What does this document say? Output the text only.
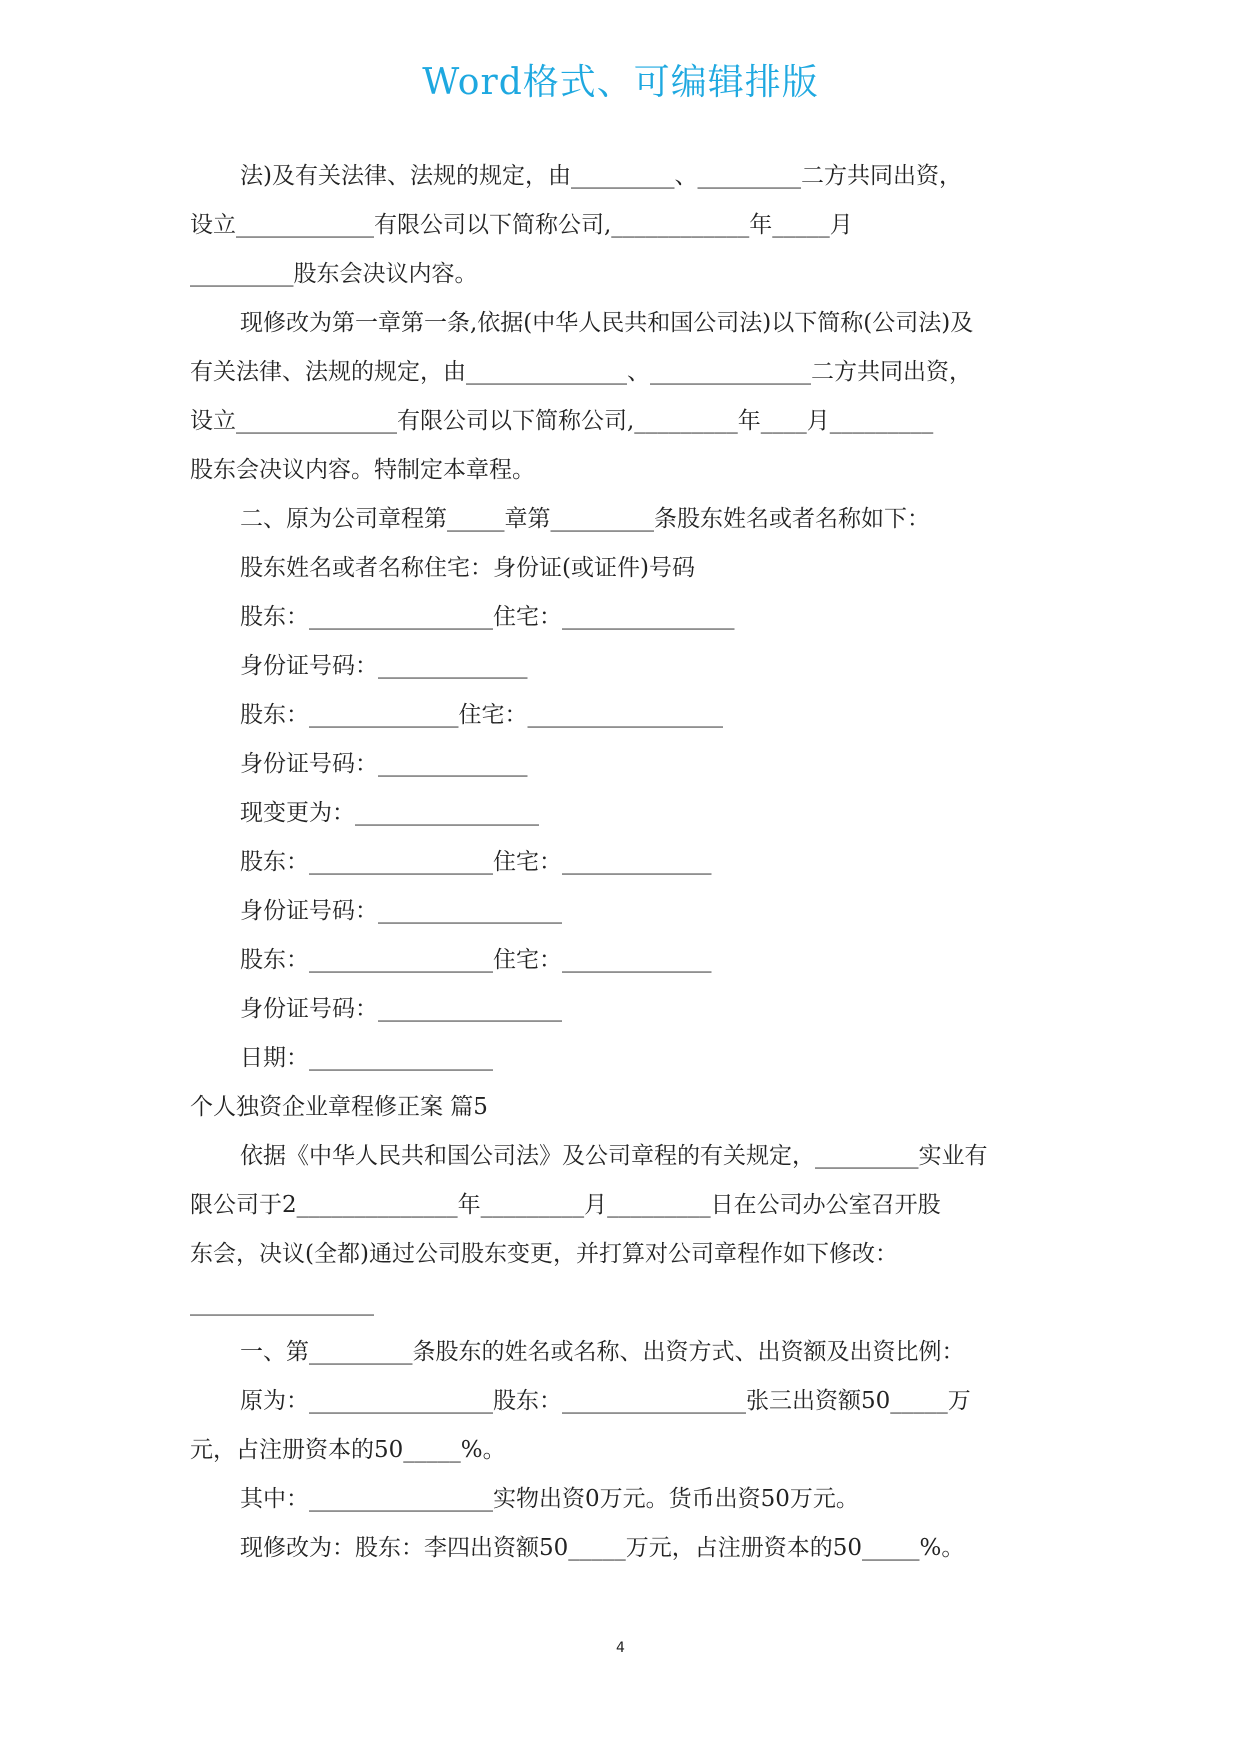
Word格式、可编辑排版
法)及有关法律、法规的规定，由_________、_________二方共同出资，
设立____________有限公司以下简称公司,____________年_____月
_________股东会决议内容。
现修改为第一章第一条,依据(中华人民共和国公司法)以下简称(公司法)及
有关法律、法规的规定，由______________、______________二方共同出资，
设立______________有限公司以下简称公司,_________年____月_________
股东会决议内容。特制定本章程。
二、原为公司章程第_____章第_________条股东姓名或者名称如下：
股东姓名或者名称住宅：身份证(或证件)号码
股东：________________住宅：_______________
身份证号码：_____________
股东：_____________住宅：_________________
身份证号码：_____________
现变更为：________________
股东：________________住宅：_____________
身份证号码：________________
股东：________________住宅：_____________
身份证号码：________________
日期：________________
个人独资企业章程修正案 篇5
依据《中华人民共和国公司法》及公司章程的有关规定，_________实业有
限公司于2______________年_________月_________日在公司办公室召开股
东会，决议(全都)通过公司股东变更，并打算对公司章程作如下修改：
________________
一、第_________条股东的姓名或名称、出资方式、出资额及出资比例：
原为：________________股东：________________张三出资额50_____万
元，占注册资本的50_____%。
其中：________________实物出资0万元。货币出资50万元。
现修改为：股东：李四出资额50_____万元，占注册资本的50_____%。
4
